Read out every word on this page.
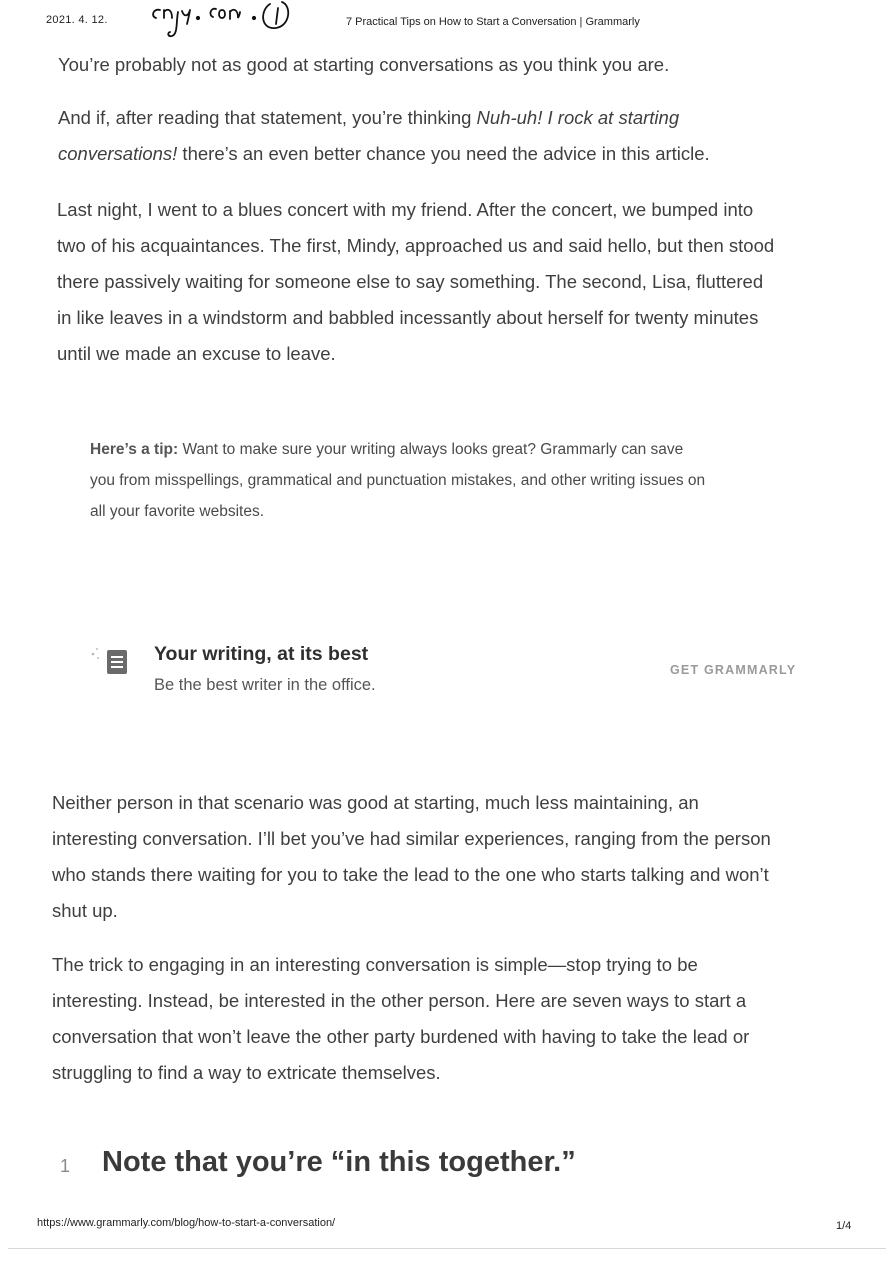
2021. 4. 12.	7 Practical Tips on How to Start a Conversation | Grammarly
You’re probably not as good at starting conversations as you think you are.
And if, after reading that statement, you’re thinking Nuh-uh! I rock at starting
conversations! there’s an even better chance you need the advice in this article.
Last night, I went to a blues concert with my friend. After the concert, we bumped into
two of his acquaintances. The first, Mindy, approached us and said hello, but then stood
there passively waiting for someone else to say something. The second, Lisa, fluttered
in like leaves in a windstorm and babbled incessantly about herself for twenty minutes
until we made an excuse to leave.
Here’s a tip: Want to make sure your writing always looks great? Grammarly can save
you from misspellings, grammatical and punctuation mistakes, and other writing issues on
all your favorite websites.
Your writing, at its best
Be the best writer in the office.
GET GRAMMARLY
Neither person in that scenario was good at starting, much less maintaining, an
interesting conversation. I’ll bet you’ve had similar experiences, ranging from the person
who stands there waiting for you to take the lead to the one who starts talking and won’t
shut up.
The trick to engaging in an interesting conversation is simple—stop trying to be
interesting. Instead, be interested in the other person. Here are seven ways to start a
conversation that won’t leave the other party burdened with having to take the lead or
struggling to find a way to extricate themselves.
1 Note that you’re “in this together.”
https://www.grammarly.com/blog/how-to-start-a-conversation/	1/4
